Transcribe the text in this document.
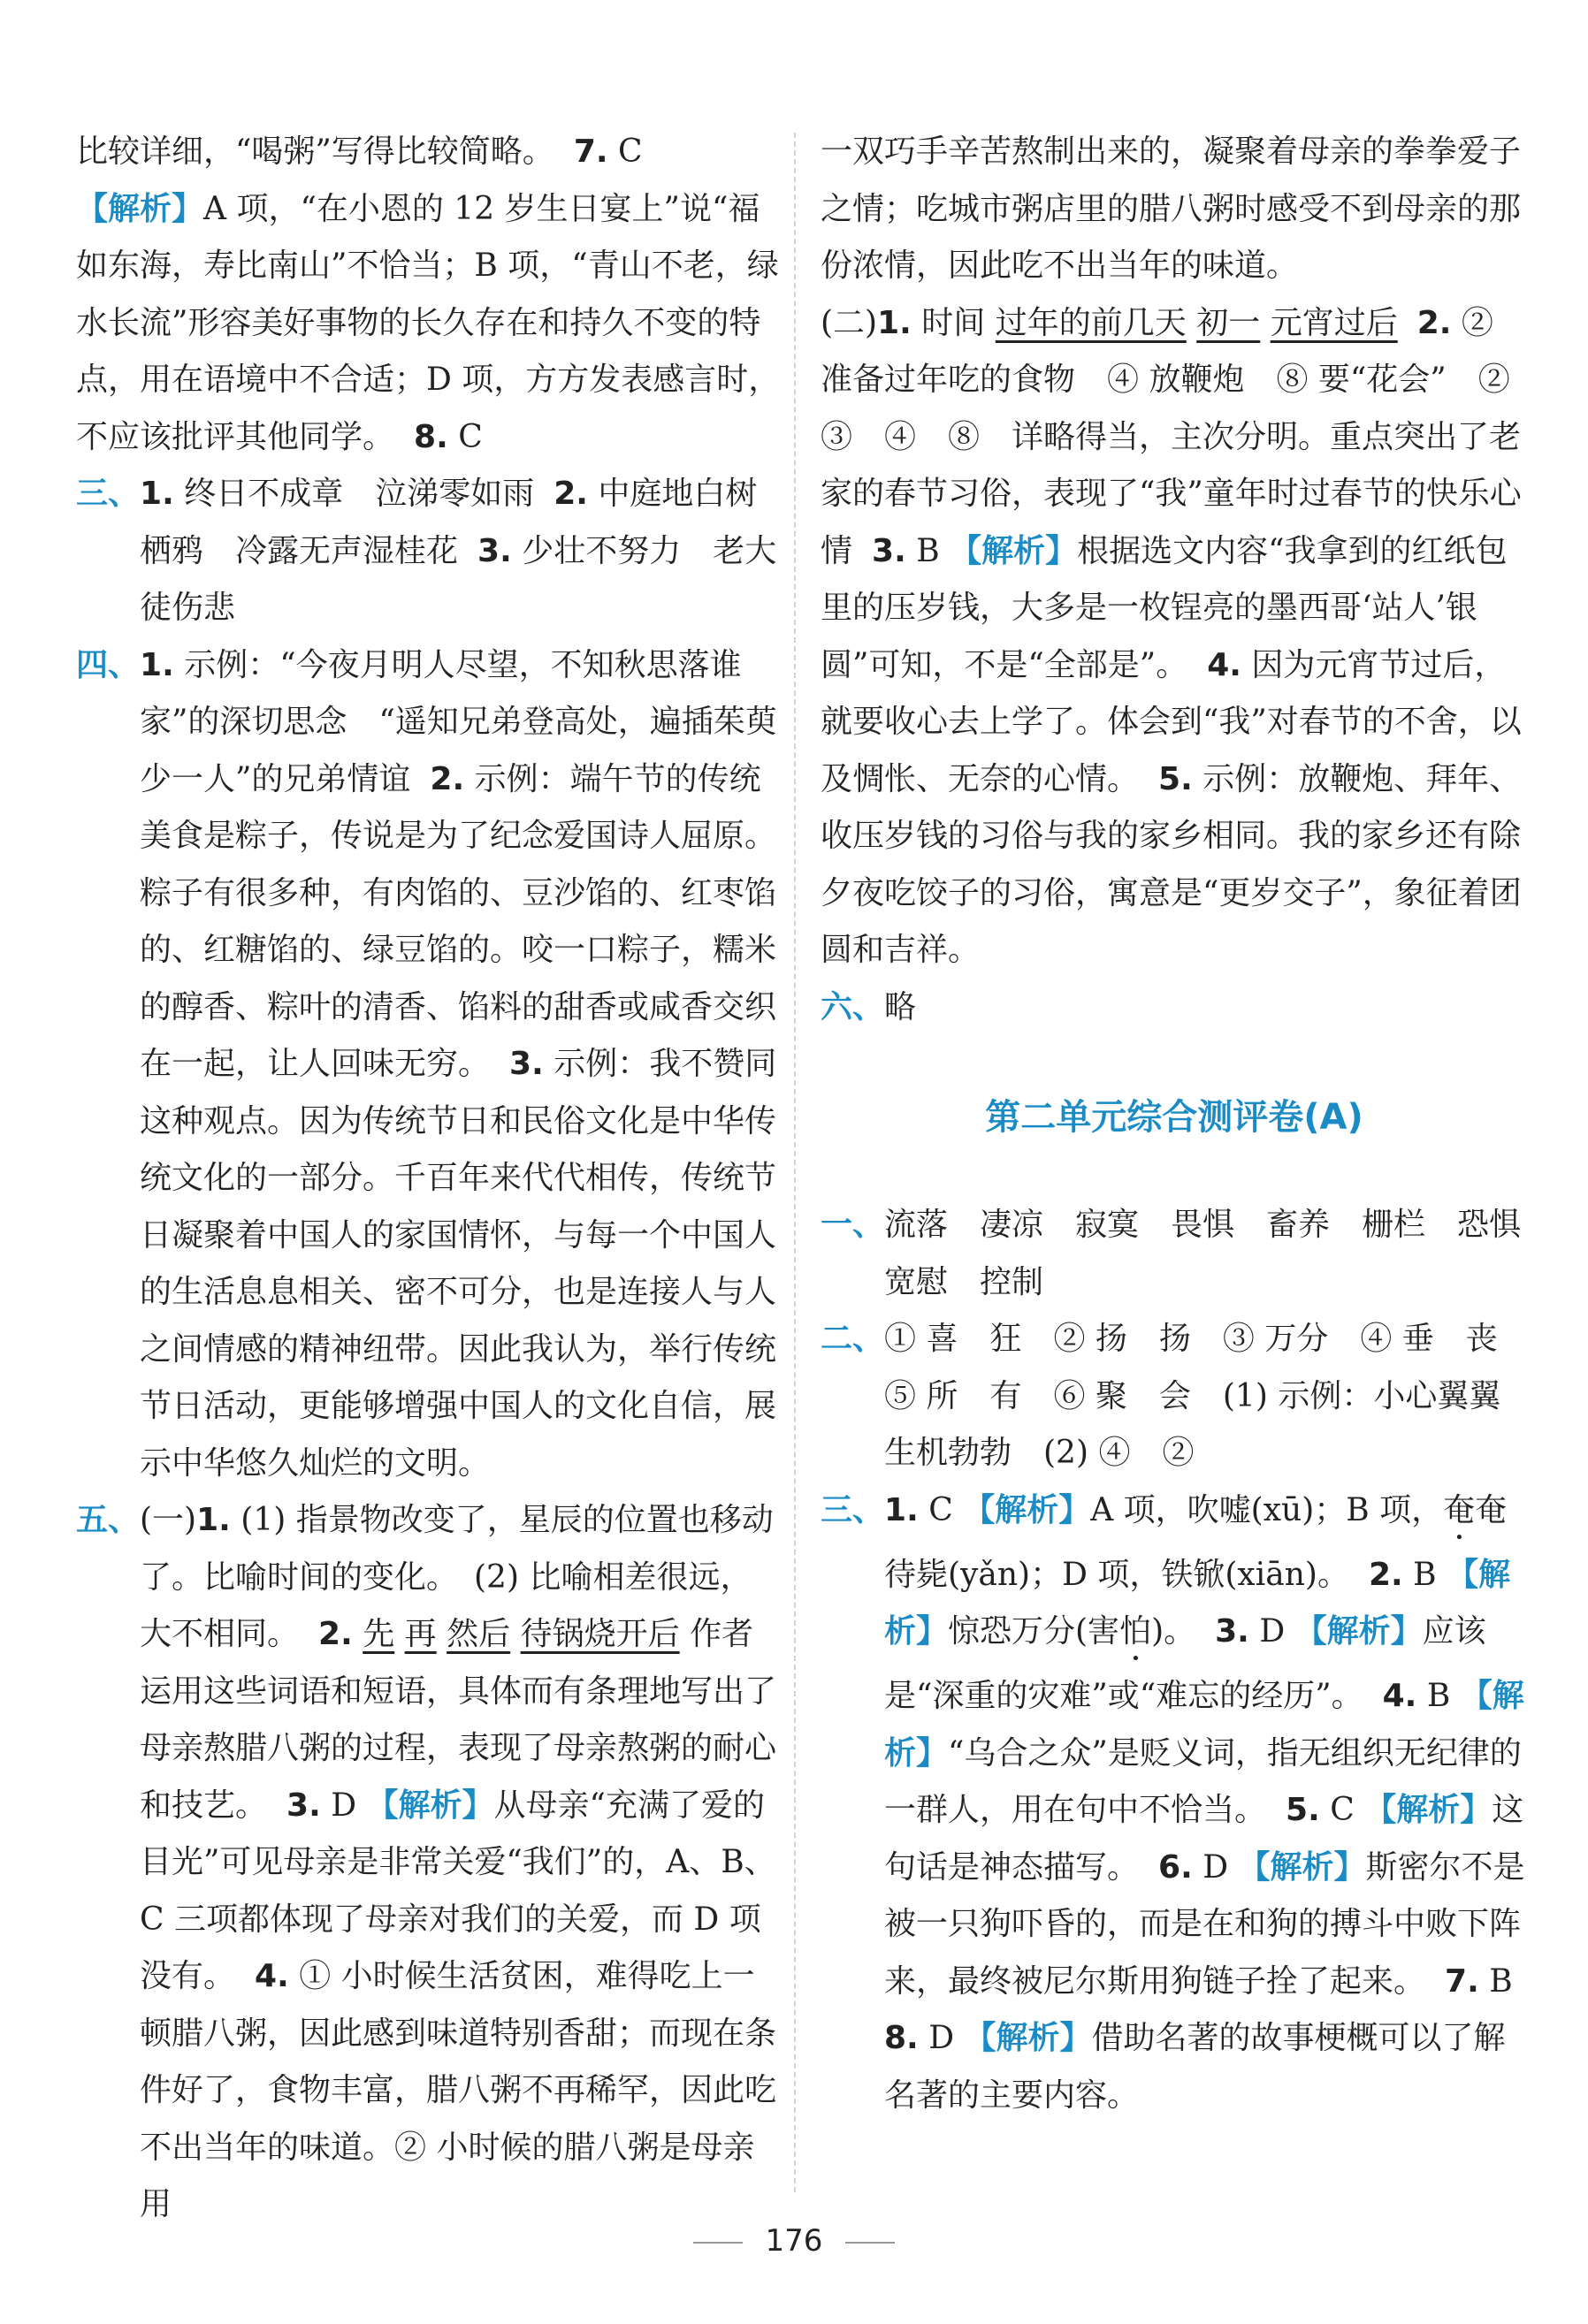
比较详细，“喝粥”写得比较简略。 7. C

【解析】A 项，“在小恩的 12 岁生日宴上”说“福如东海，寿比南山”不恰当；B 项，“青山不老，绿水长流”形容美好事物的长久存在和持久不变的特点，用在语境中不合适；D 项，方方发表感言时，不应该批评其他同学。 8. C

三、1. 终日不成章　泣涕零如雨 2. 中庭地白树栖鸦　冷露无声湿桂花 3. 少壮不努力　老大徒伤悲

四、1. 示例：“今夜月明人尽望，不知秋思落谁家”的深切思念　“遥知兄弟登高处，遍插茱萸少一人”的兄弟情谊 2. 示例：端午节的传统美食是粽子，传说是为了纪念爱国诗人屈原。粽子有很多种，有肉馅的、豆沙馅的、红枣馅的、红糖馅的、绿豆馅的。咬一口粽子，糯米的醇香、粽叶的清香、馅料的甜香或咸香交织在一起，让人回味无穷。 3. 示例：我不赞同这种观点。因为传统节日和民俗文化是中华传统文化的一部分。千百年来代代相传，传统节日凝聚着中国人的家国情怀，与每一个中国人的生活息息相关、密不可分，也是连接人与人之间情感的精神纽带。因此我认为，举行传统节日活动，更能够增强中国人的文化自信，展示中华悠久灿烂的文明。

五、(一)1. (1) 指景物改变了，星辰的位置也移动了。比喻时间的变化。　(2) 比喻相差很远，大不相同。 2. 先 再 然后 待锅烧开后 作者运用这些词语和短语，具体而有条理地写出了母亲熬腊八粥的过程，表现了母亲熬粥的耐心和技艺。 3. D 【解析】从母亲“充满了爱的目光”可见母亲是非常关爱“我们”的，A、B、C 三项都体现了母亲对我们的关爱，而 D 项没有。 4. ① 小时候生活贫困，难得吃上一顿腊八粥，因此感到味道特别香甜；而现在条件好了，食物丰富，腊八粥不再稀罕，因此吃不出当年的味道。② 小时候的腊八粥是母亲用

一双巧手辛苦熬制出来的，凝聚着母亲的拳拳爱子之情；吃城市粥店里的腊八粥时感受不到母亲的那份浓情，因此吃不出当年的味道。

(二)1. 时间 过年的前几天 初一 元宵过后 2. ② 准备过年吃的食物　④ 放鞭炮　⑧ 要“花会”　②　③　④　⑧　详略得当，主次分明。重点突出了老家的春节习俗，表现了“我”童年时过春节的快乐心情 3. B 【解析】根据选文内容“我拿到的红纸包里的压岁钱，大多是一枚锃亮的墨西哥‘站人’银圆”可知，不是“全部是”。 4. 因为元宵节过后，就要收心去上学了。体会到“我”对春节的不舍，以及惆怅、无奈的心情。 5. 示例：放鞭炮、拜年、收压岁钱的习俗与我的家乡相同。我的家乡还有除夕夜吃饺子的习俗，寓意是“更岁交子”，象征着团圆和吉祥。

六、略

第二单元综合测评卷(A)

一、流落　凄凉　寂寞　畏惧　畜养　栅栏　恐惧　宽慰　控制

二、① 喜　狂　② 扬　扬　③ 万分　④ 垂　丧　⑤ 所　有　⑥ 聚　会　(1) 示例：小心翼翼　生机勃勃　(2) ④　②

三、1. C 【解析】A 项，吹嘘(xū)；B 项，奄奄待毙(yǎn)；D 项，铁锨(xiān)。 2. B 【解析】惊恐万分(害怕)。 3. D 【解析】应该是“深重的灾难”或“难忘的经历”。 4. B 【解析】“乌合之众”是贬义词，指无组织无纪律的一群人，用在句中不恰当。 5. C 【解析】这句话是神态描写。 6. D 【解析】斯密尔不是被一只狗吓昏的，而是在和狗的搏斗中败下阵来，最终被尼尔斯用狗链子拴了起来。 7. B 8. D 【解析】借助名著的故事梗概可以了解名著的主要内容。

176
